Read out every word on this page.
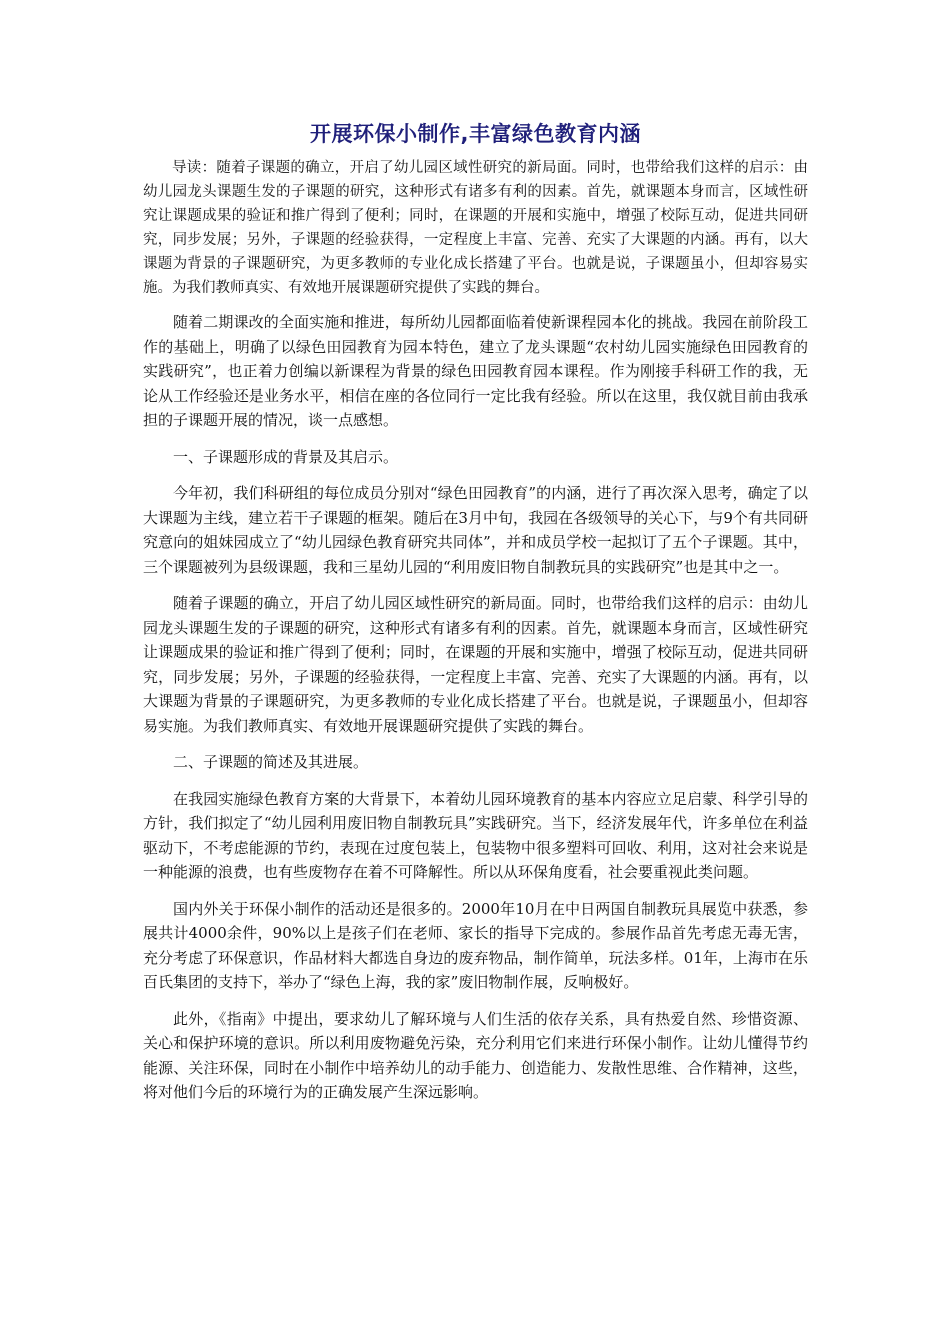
开展环保小制作,丰富绿色教育内涵

导读：随着子课题的确立，开启了幼儿园区域性研究的新局面。同时，也带给我们这样的启示：由幼儿园龙头课题生发的子课题的研究，这种形式有诸多有利的因素。首先，就课题本身而言，区域性研究让课题成果的验证和推广得到了便利；同时，在课题的开展和实施中，增强了校际互动，促进共同研究，同步发展；另外，子课题的经验获得，一定程度上丰富、完善、充实了大课题的内涵。再有，以大课题为背景的子课题研究，为更多教师的专业化成长搭建了平台。也就是说，子课题虽小，但却容易实施。为我们教师真实、有效地开展课题研究提供了实践的舞台。

随着二期课改的全面实施和推进，每所幼儿园都面临着使新课程园本化的挑战。我园在前阶段工作的基础上，明确了以绿色田园教育为园本特色，建立了龙头课题“农村幼儿园实施绿色田园教育的实践研究”，也正着力创编以新课程为背景的绿色田园教育园本课程。作为刚接手科研工作的我，无论从工作经验还是业务水平，相信在座的各位同行一定比我有经验。所以在这里，我仅就目前由我承担的子课题开展的情况，谈一点感想。

一、子课题形成的背景及其启示。

今年初，我们科研组的每位成员分别对“绿色田园教育”的内涵，进行了再次深入思考，确定了以大课题为主线，建立若干子课题的框架。随后在3月中旬，我园在各级领导的关心下，与9个有共同研究意向的姐妹园成立了“幼儿园绿色教育研究共同体”，并和成员学校一起拟订了五个子课题。其中，三个课题被列为县级课题，我和三星幼儿园的“利用废旧物自制教玩具的实践研究”也是其中之一。

随着子课题的确立，开启了幼儿园区域性研究的新局面。同时，也带给我们这样的启示：由幼儿园龙头课题生发的子课题的研究，这种形式有诸多有利的因素。首先，就课题本身而言，区域性研究让课题成果的验证和推广得到了便利；同时，在课题的开展和实施中，增强了校际互动，促进共同研究，同步发展；另外，子课题的经验获得，一定程度上丰富、完善、充实了大课题的内涵。再有，以大课题为背景的子课题研究，为更多教师的专业化成长搭建了平台。也就是说，子课题虽小，但却容易实施。为我们教师真实、有效地开展课题研究提供了实践的舞台。

二、子课题的简述及其进展。

在我园实施绿色教育方案的大背景下，本着幼儿园环境教育的基本内容应立足启蒙、科学引导的方针，我们拟定了“幼儿园利用废旧物自制教玩具”实践研究。当下，经济发展年代，许多单位在利益驱动下，不考虑能源的节约，表现在过度包装上，包装物中很多塑料可回收、利用，这对社会来说是一种能源的浪费，也有些废物存在着不可降解性。所以从环保角度看，社会要重视此类问题。

国内外关于环保小制作的活动还是很多的。2000年10月在中日两国自制教玩具展览中获悉，参展共计4000余件，90%以上是孩子们在老师、家长的指导下完成的。参展作品首先考虑无毒无害，充分考虑了环保意识，作品材料大都选自身边的废弃物品，制作简单，玩法多样。01年，上海市在乐百氏集团的支持下，举办了“绿色上海，我的家”废旧物制作展，反响极好。

此外，《指南》中提出，要求幼儿了解环境与人们生活的依存关系，具有热爱自然、珍惜资源、关心和保护环境的意识。所以利用废物避免污染，充分利用它们来进行环保小制作。让幼儿懂得节约能源、关注环保，同时在小制作中培养幼儿的动手能力、创造能力、发散性思维、合作精神，这些，将对他们今后的环境行为的正确发展产生深远影响。
